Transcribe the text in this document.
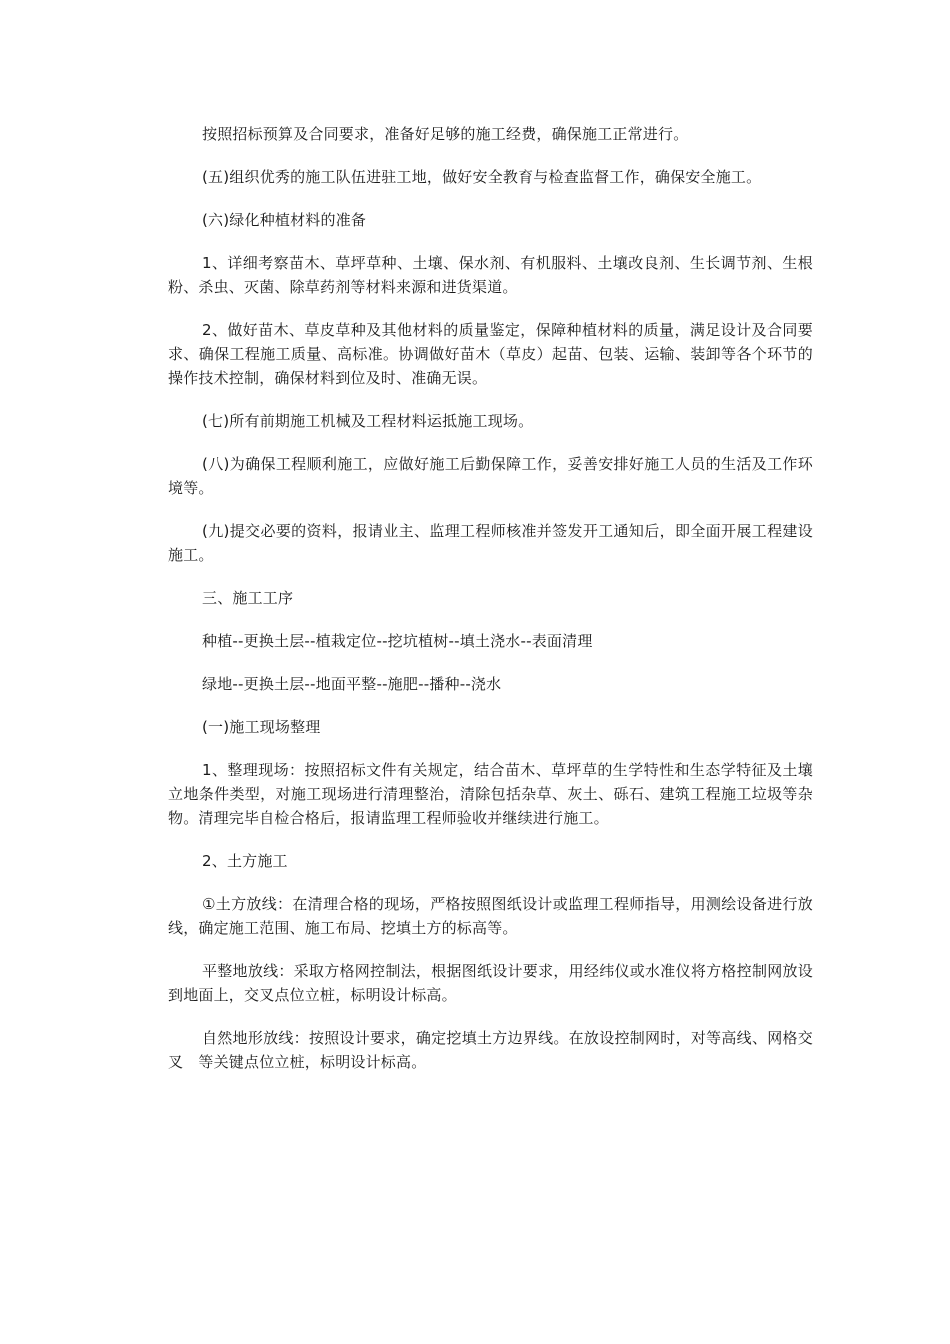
按照招标预算及合同要求，准备好足够的施工经费，确保施工正常进行。

(五)组织优秀的施工队伍进驻工地，做好安全教育与检查监督工作，确保安全施工。

(六)绿化种植材料的准备

1、详细考察苗木、草坪草种、土壤、保水剂、有机服料、土壤改良剂、生长调节剂、生根粉、杀虫、灭菌、除草药剂等材料来源和进货渠道。

2、做好苗木、草皮草种及其他材料的质量鉴定，保障种植材料的质量，满足设计及合同要求、确保工程施工质量、高标准。协调做好苗木（草皮）起苗、包装、运输、装卸等各个环节的操作技术控制，确保材料到位及时、准确无误。

(七)所有前期施工机械及工程材料运抵施工现场。

(八)为确保工程顺利施工，应做好施工后勤保障工作，妥善安排好施工人员的生活及工作环境等。

(九)提交必要的资料，报请业主、监理工程师核准并签发开工通知后，即全面开展工程建设施工。

三、施工工序

种植--更换土层--植栽定位--挖坑植树--填土浇水--表面清理

绿地--更换土层--地面平整--施肥--播种--浇水

(一)施工现场整理

1、整理现场：按照招标文件有关规定，结合苗木、草坪草的生学特性和生态学特征及土壤立地条件类型，对施工现场进行清理整治，清除包括杂草、灰土、砾石、建筑工程施工垃圾等杂物。清理完毕自检合格后，报请监理工程师验收并继续进行施工。

2、土方施工

①土方放线：在清理合格的现场，严格按照图纸设计或监理工程师指导，用测绘设备进行放线，确定施工范围、施工布局、挖填土方的标高等。

平整地放线：采取方格网控制法，根据图纸设计要求，用经纬仪或水准仪将方格控制网放设到地面上，交叉点位立桩，标明设计标高。

自然地形放线：按照设计要求，确定挖填土方边界线。在放设控制网时，对等高线、网格交叉　等关键点位立桩，标明设计标高。
